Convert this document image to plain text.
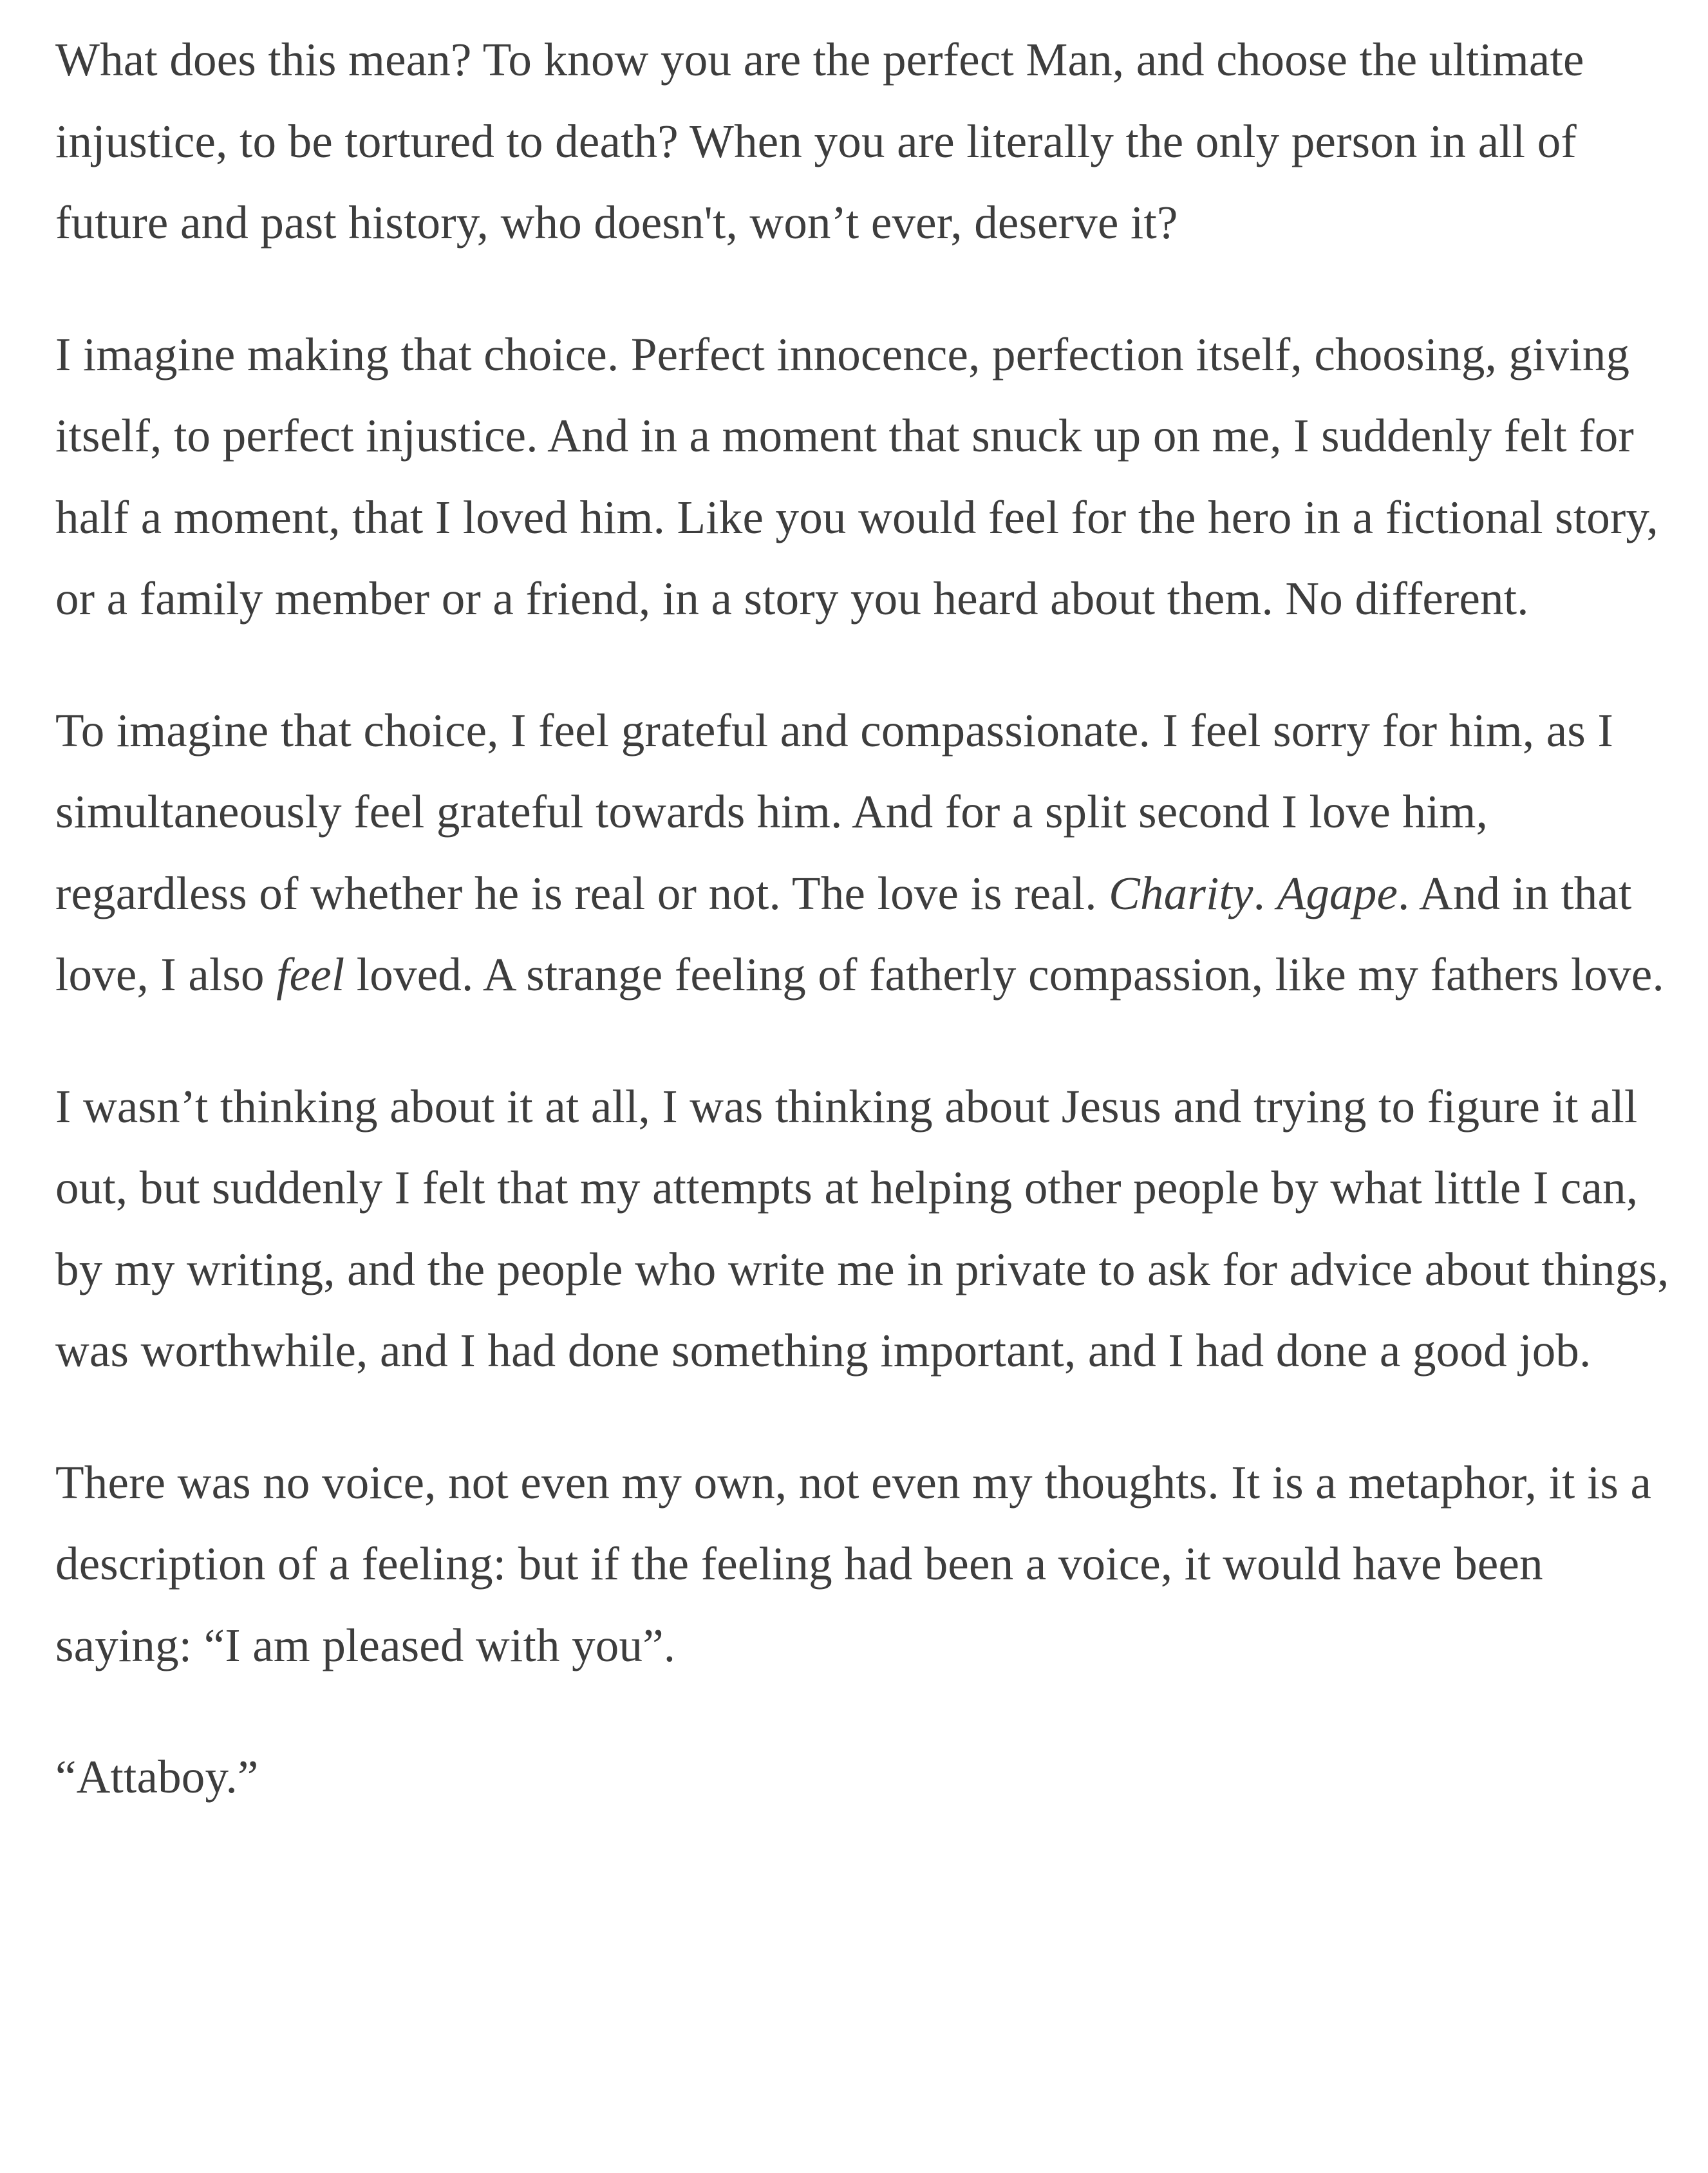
What does this mean? To know you are the perfect Man, and choose the ultimate injustice, to be tortured to death? When you are literally the only person in all of future and past history, who doesn't, won’t ever, deserve it?

I imagine making that choice. Perfect innocence, perfection itself, choosing, giving itself, to perfect injustice. And in a moment that snuck up on me, I suddenly felt for half a moment, that I loved him. Like you would feel for the hero in a fictional story, or a family member or a friend, in a story you heard about them. No different.

To imagine that choice, I feel grateful and compassionate. I feel sorry for him, as I simultaneously feel grateful towards him. And for a split second I love him, regardless of whether he is real or not. The love is real. Charity. Agape. And in that love, I also feel loved. A strange feeling of fatherly compassion, like my fathers love.

I wasn’t thinking about it at all, I was thinking about Jesus and trying to figure it all out, but suddenly I felt that my attempts at helping other people by what little I can, by my writing, and the people who write me in private to ask for advice about things, was worthwhile, and I had done something important, and I had done a good job.

There was no voice, not even my own, not even my thoughts. It is a metaphor, it is a description of a feeling: but if the feeling had been a voice, it would have been saying: “I am pleased with you”.

“Attaboy.”
